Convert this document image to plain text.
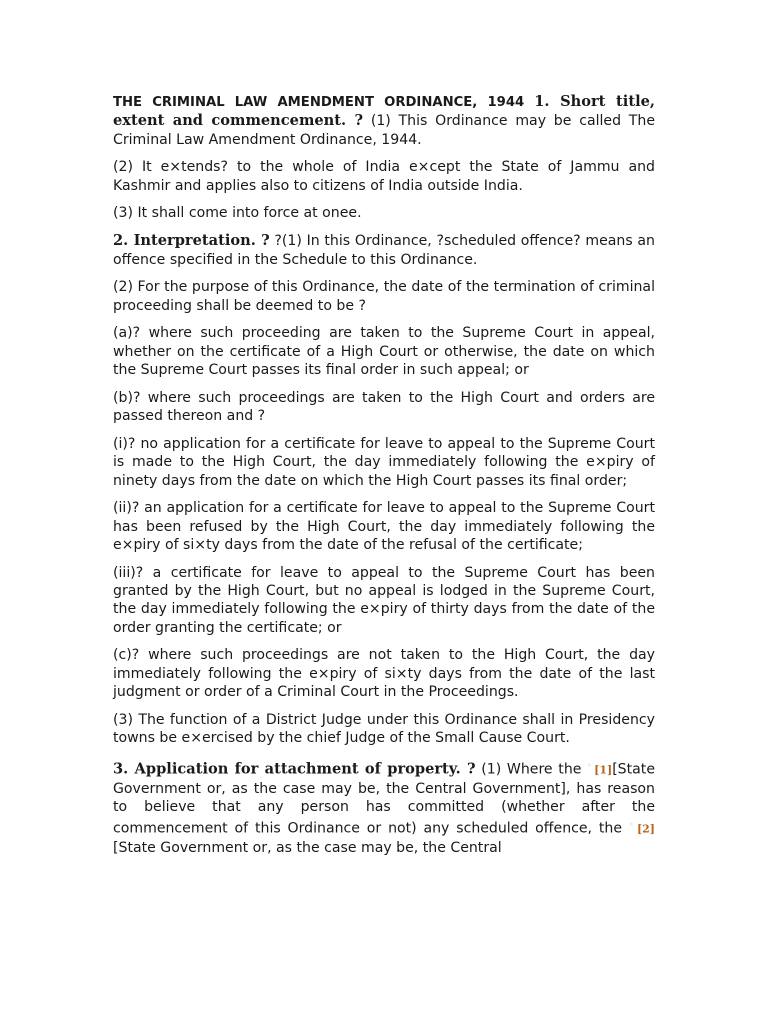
THE CRIMINAL LAW AMENDMENT ORDINANCE, 1944 1. Short title, extent and commencement. ? (1) This Ordinance may be called The Criminal Law Amendment Ordinance, 1944.

(2) It e×tends? to the whole of India e×cept the State of Jammu and Kashmir and applies also to citizens of India outside India.

(3) It shall come into force at onee.

2. Interpretation. ? ?(1) In this Ordinance, ?scheduled offence? means an offence specified in the Schedule to this Ordinance.

(2) For the purpose of this Ordinance, the date of the termination of criminal proceeding shall be deemed to be ?

(a)? where such proceeding are taken to the Supreme Court in appeal, whether on the certificate of a High Court or otherwise, the date on which the Supreme Court passes its final order in such appeal; or

(b)? where such proceedings are taken to the High Court and orders are passed thereon and ?

(i)? no application for a certificate for leave to appeal to the Supreme Court is made to the High Court, the day immediately following the e×piry of ninety days from the date on which the High Court passes its final order;

(ii)? an application for a certificate for leave to appeal to the Supreme Court has been refused by the High Court, the day immediately following the e×piry of si×ty days from the date of the refusal of the certificate;

(iii)? a certificate for leave to appeal to the Supreme Court has been granted by the High Court, but no appeal is lodged in the Supreme Court, the day immediately following the e×piry of thirty days from the date of the order granting the certificate; or

(c)? where such proceedings are not taken to the High Court, the day immediately following the e×piry of si×ty days from the date of the last judgment or order of a Criminal Court in the Proceedings.

(3) The function of a District Judge under this Ordinance shall in Presidency towns be e×ercised by the chief Judge of the Small Cause Court.

3. Application for attachment of property. ? (1) Where the ◦[1][State Government or, as the case may be, the Central Government], has reason to believe that any person has committed (whether after the commencement of this Ordinance or not) any scheduled offence, the ◦[2][State Government or, as the case may be, the Central
